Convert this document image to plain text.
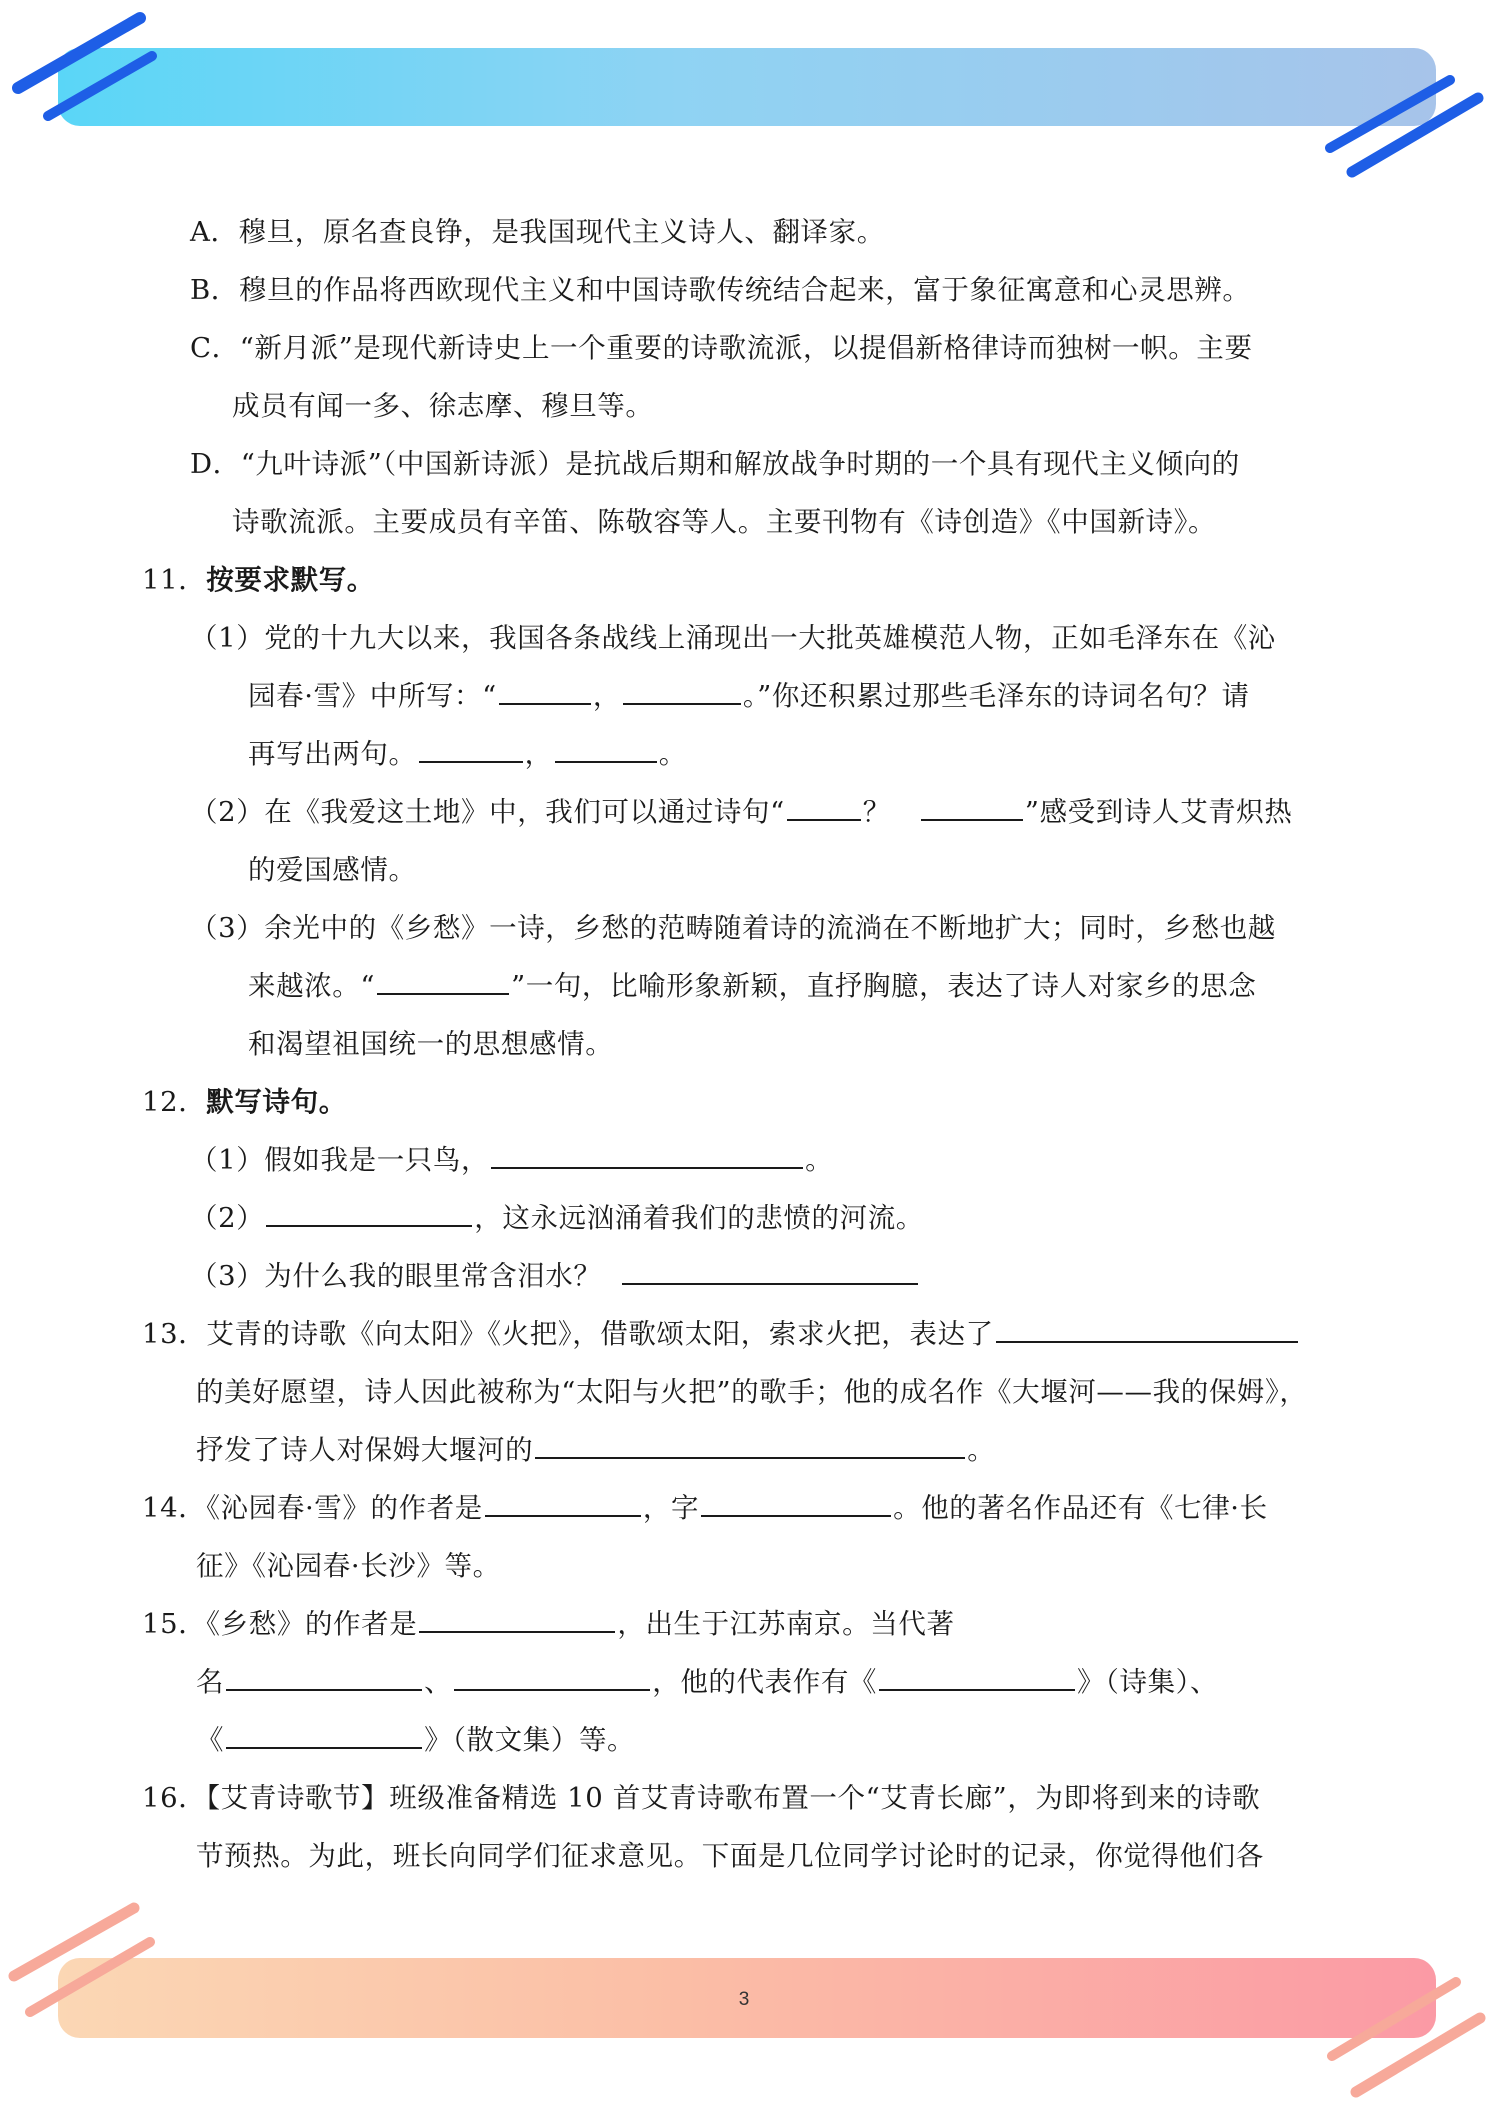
3
A．穆旦，原名查良铮，是我国现代主义诗人、翻译家。
B．穆旦的作品将西欧现代主义和中国诗歌传统结合起来，富于象征寓意和心灵思辨。
C．“新月派”是现代新诗史上一个重要的诗歌流派，以提倡新格律诗而独树一帜。主要
成员有闻一多、徐志摩、穆旦等。
D．“九叶诗派”（中国新诗派）是抗战后期和解放战争时期的一个具有现代主义倾向的
诗歌流派。主要成员有辛笛、陈敬容等人。主要刊物有《诗创造》《中国新诗》。
11．按要求默写。
（1）党的十九大以来，我国各条战线上涌现出一大批英雄模范人物，正如毛泽东在《沁
园春·雪》中所写：“	，	。”你还积累过那些毛泽东的诗词名句？请
再写出两句。	，	。
（2）在《我爱这土地》中，我们可以通过诗句“	？	”感受到诗人艾青炽热
的爱国感情。
（3）余光中的《乡愁》一诗，乡愁的范畴随着诗的流淌在不断地扩大；同时，乡愁也越
来越浓。“	”一句，比喻形象新颖，直抒胸臆，表达了诗人对家乡的思念
和渴望祖国统一的思想感情。
12．默写诗句。
（1）假如我是一只鸟，	。
（2）	，这永远汹涌着我们的悲愤的河流。
（3）为什么我的眼里常含泪水？
13．艾青的诗歌《向太阳》《火把》，借歌颂太阳，索求火把，表达了
的美好愿望，诗人因此被称为“太阳与火把”的歌手；他的成名作《大堰河——我的保姆》，
抒发了诗人对保姆大堰河的	。
14．《沁园春·雪》的作者是	，字	。他的著名作品还有《七律·长
征》《沁园春·长沙》等。
15．《乡愁》的作者是	，出生于江苏南京。当代著
名	、	，他的代表作有《	》（诗集）、
《	》（散文集）等。
16．【艾青诗歌节】班级准备精选 10 首艾青诗歌布置一个“艾青长廊”，为即将到来的诗歌
节预热。为此，班长向同学们征求意见。下面是几位同学讨论时的记录，你觉得他们各
